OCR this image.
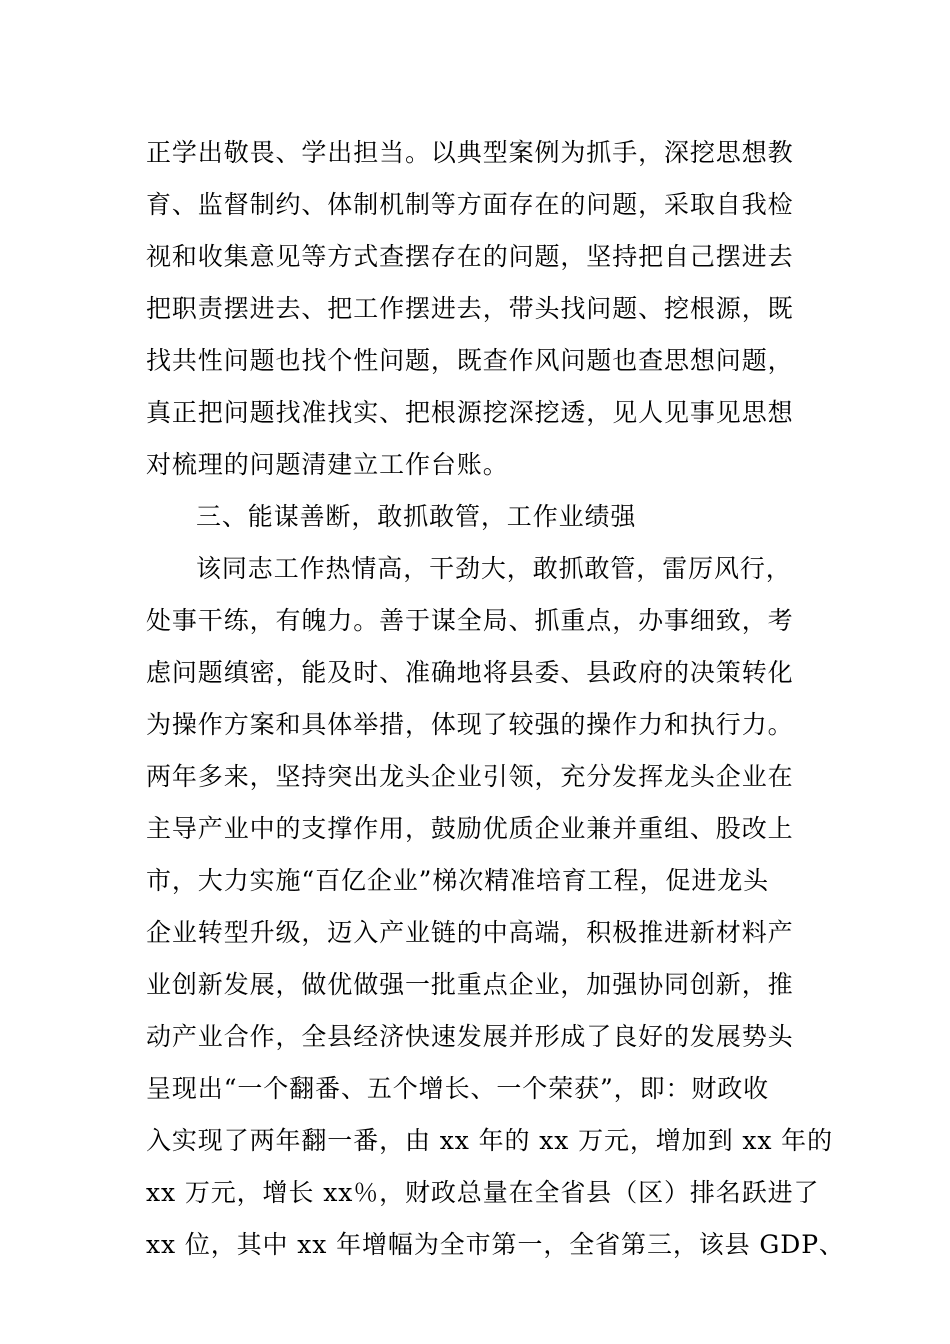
正学出敬畏、学出担当。以典型案例为抓手，深挖思想教
育、监督制约、体制机制等方面存在的问题，采取自我检
视和收集意见等方式查摆存在的问题，坚持把自己摆进去
把职责摆进去、把工作摆进去，带头找问题、挖根源，既
找共性问题也找个性问题，既查作风问题也查思想问题，
真正把问题找准找实、把根源挖深挖透，见人见事见思想
对梳理的问题清建立工作台账。
三、能谋善断，敢抓敢管，工作业绩强
该同志工作热情高，干劲大，敢抓敢管，雷厉风行，
处事干练，有魄力。善于谋全局、抓重点，办事细致，考
虑问题缜密，能及时、准确地将县委、县政府的决策转化
为操作方案和具体举措，体现了较强的操作力和执行力。
两年多来，坚持突出龙头企业引领，充分发挥龙头企业在
主导产业中的支撑作用，鼓励优质企业兼并重组、股改上
市，大力实施“百亿企业”梯次精准培育工程，促进龙头
企业转型升级，迈入产业链的中高端，积极推进新材料产
业创新发展，做优做强一批重点企业，加强协同创新，推
动产业合作，全县经济快速发展并形成了良好的发展势头
呈现出“一个翻番、五个增长、一个荣获”，即：财政收
入实现了两年翻一番，由 xx 年的 xx 万元，增加到 xx 年的
xx 万元，增长 xx％，财政总量在全省县（区）排名跃进了
xx 位，其中 xx 年增幅为全市第一，全省第三，该县 GDP、
